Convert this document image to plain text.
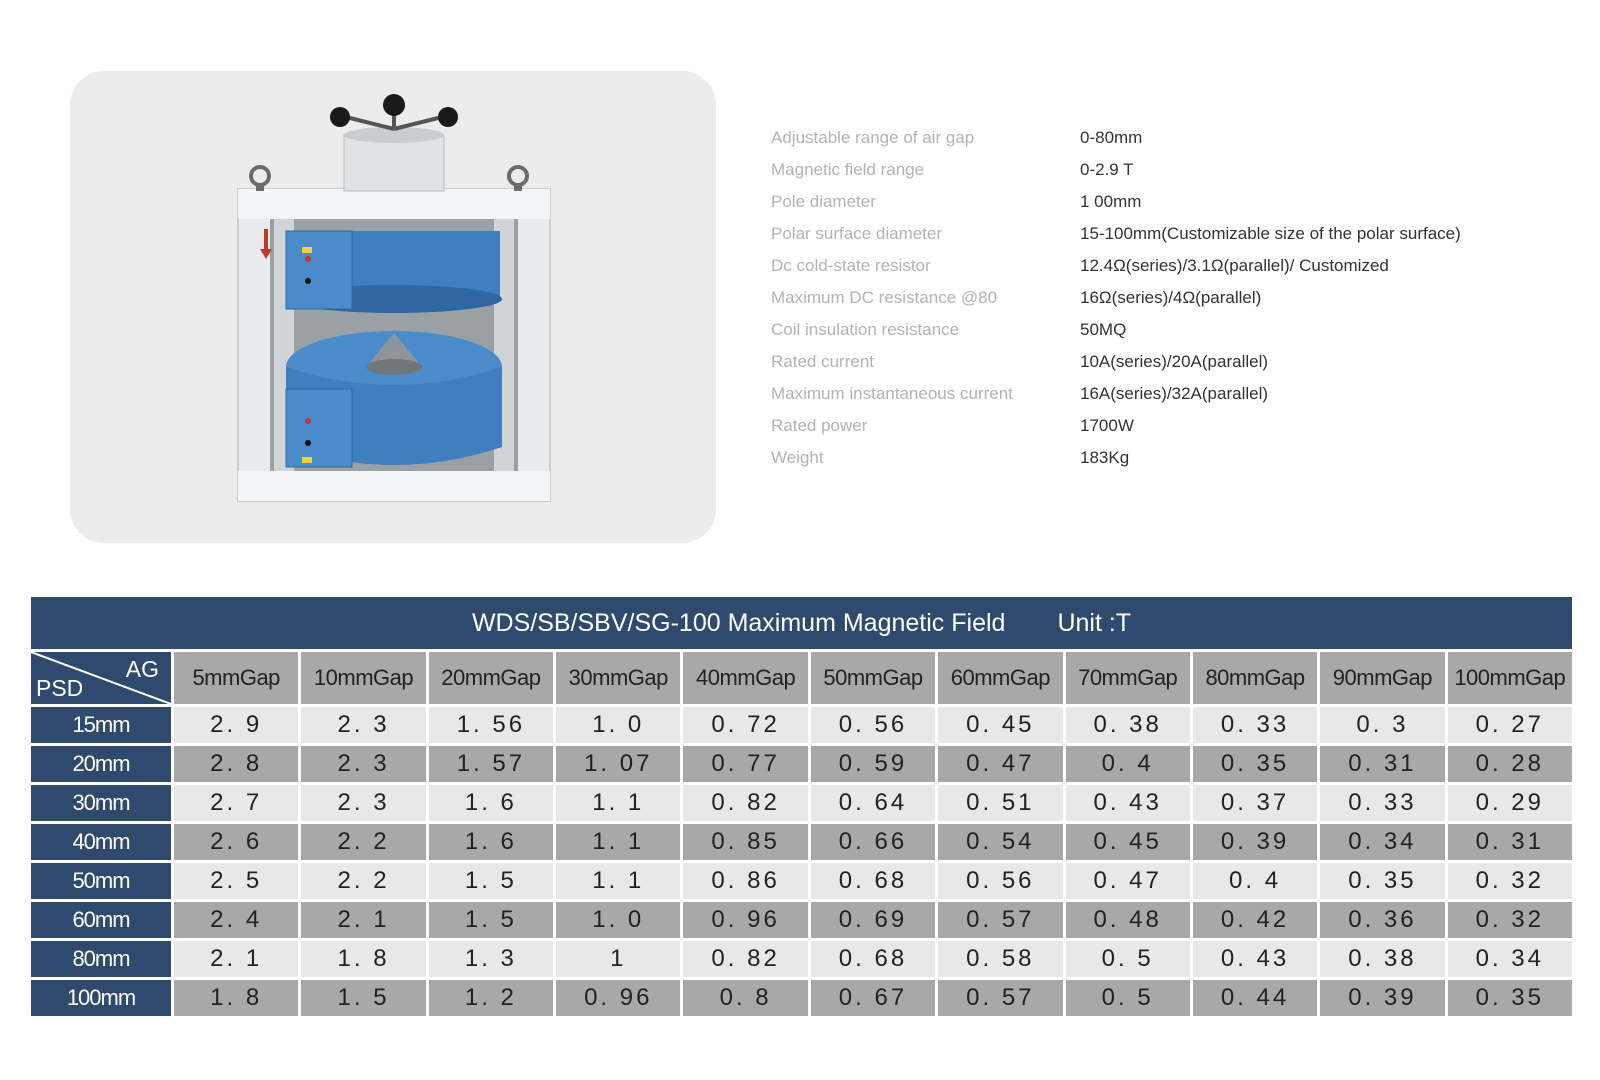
Adjustable range of air gap	0-80mm
Magnetic field range	0-2.9 T
Pole diameter	1 00mm
Polar surface diameter	15-100mm(Customizable size of the polar surface)
Dc cold-state resistor	12.4Ω(series)/3.1Ω(parallel)/ Customized
Maximum DC resistance @80	16Ω(series)/4Ω(parallel)
Coil insulation resistance	50MQ
Rated current	10A(series)/20A(parallel)
Maximum instantaneous current	16A(series)/32A(parallel)
Rated power	1700W
Weight	183Kg
WDS/SB/SBV/SG-100 Maximum Magnetic Field Unit :T
AG
PSD	5mmGap	10mmGap	20mmGap	30mmGap	40mmGap	50mmGap	60mmGap	70mmGap	80mmGap	90mmGap	100mmGap
15mm	2. 9	2. 3	1. 56	1. 0	0. 72	0. 56	0. 45	0. 38	0. 33	0. 3	0. 27
20mm	2. 8	2. 3	1. 57	1. 07	0. 77	0. 59	0. 47	0. 4	0. 35	0. 31	0. 28
30mm	2. 7	2. 3	1. 6	1. 1	0. 82	0. 64	0. 51	0. 43	0. 37	0. 33	0. 29
40mm	2. 6	2. 2	1. 6	1. 1	0. 85	0. 66	0. 54	0. 45	0. 39	0. 34	0. 31
50mm	2. 5	2. 2	1. 5	1. 1	0. 86	0. 68	0. 56	0. 47	0. 4	0. 35	0. 32
60mm	2. 4	2. 1	1. 5	1. 0	0. 96	0. 69	0. 57	0. 48	0. 42	0. 36	0. 32
80mm	2. 1	1. 8	1. 3	1	0. 82	0. 68	0. 58	0. 5	0. 43	0. 38	0. 34
100mm	1. 8	1. 5	1. 2	0. 96	0. 8	0. 67	0. 57	0. 5	0. 44	0. 39	0. 35
